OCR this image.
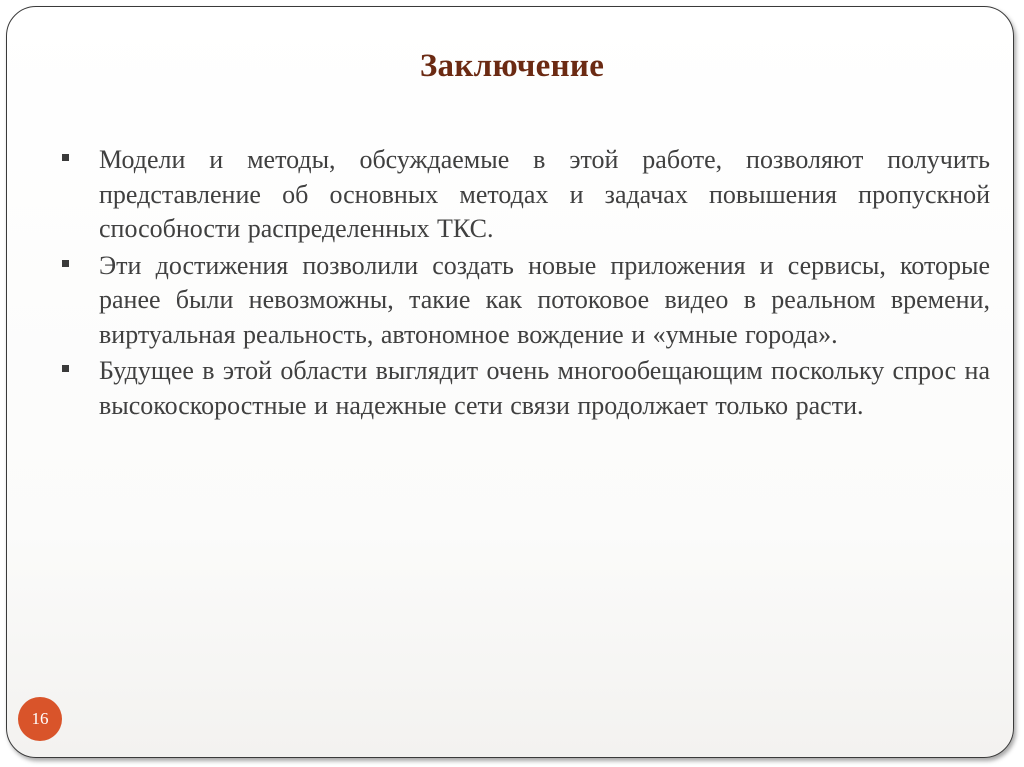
Заключение
Модели и методы, обсуждаемые в этой работе, позволяют получить представление об основных методах и задачах повышения пропускной способности распределенных ТКС.
Эти достижения позволили создать новые приложения и сервисы, которые ранее были невозможны, такие как потоковое видео в реальном времени, виртуальная реальность, автономное вождение и «умные города».
Будущее в этой области выглядит очень многообещающим поскольку спрос на высокоскоростные и надежные сети связи продолжает только расти.
16
